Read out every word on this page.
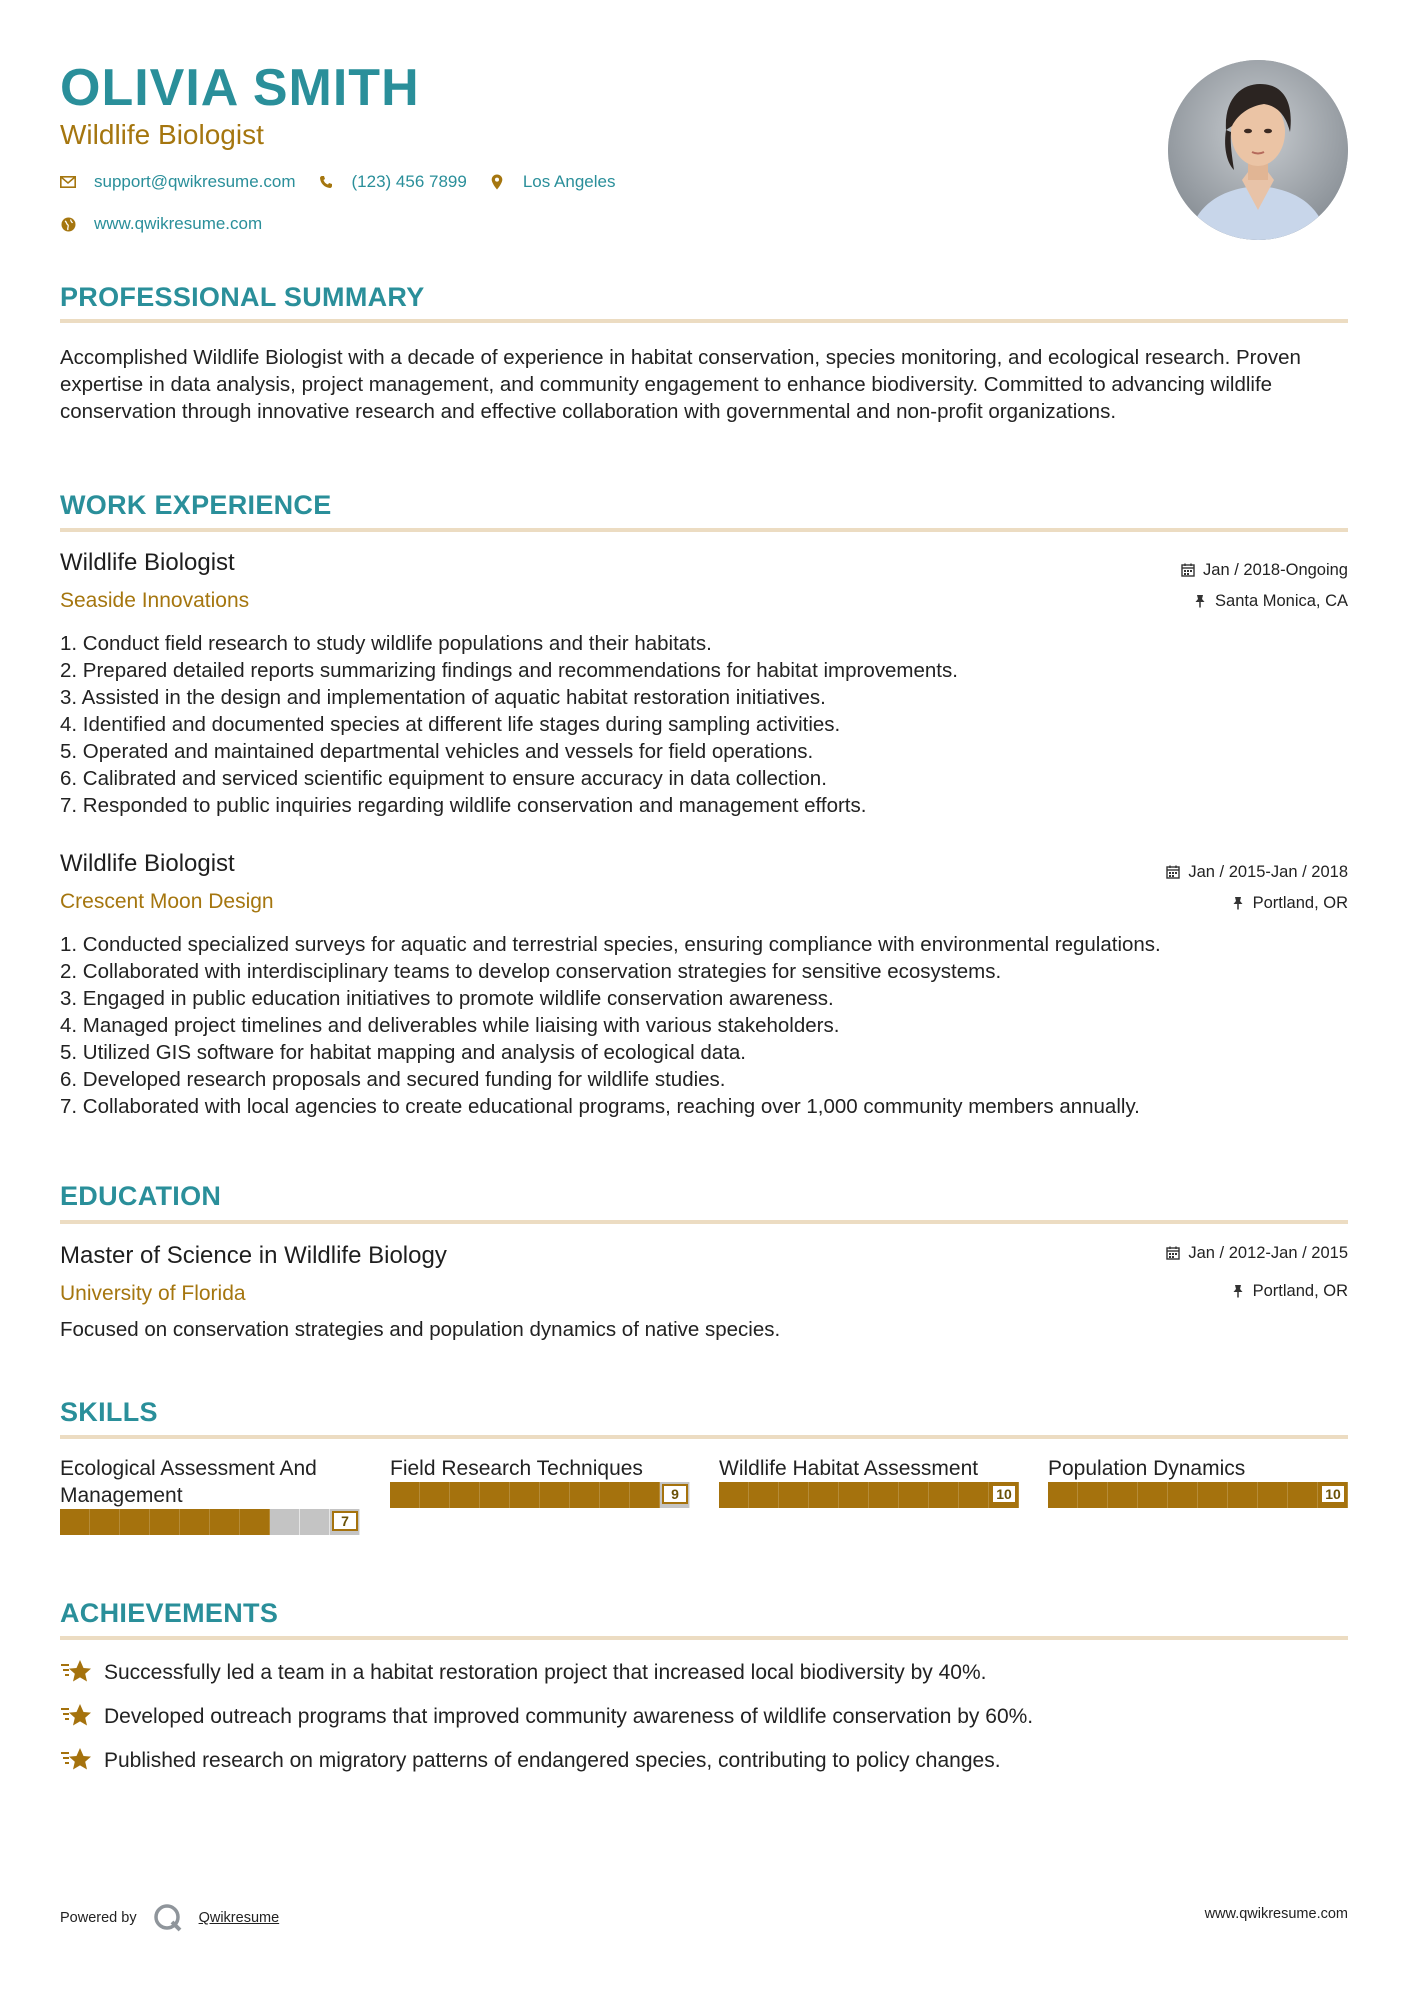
OLIVIA SMITH
Wildlife Biologist
support@qwikresume.com	(123) 456 7899	Los Angeles
www.qwikresume.com
PROFESSIONAL SUMMARY
Accomplished Wildlife Biologist with a decade of experience in habitat conservation, species monitoring, and ecological research. Proven expertise in data analysis, project management, and community engagement to enhance biodiversity. Committed to advancing wildlife conservation through innovative research and effective collaboration with governmental and non-profit organizations.
WORK EXPERIENCE
Wildlife Biologist
Seaside Innovations
Jan / 2018-Ongoing
Santa Monica, CA
1. Conduct field research to study wildlife populations and their habitats.
2. Prepared detailed reports summarizing findings and recommendations for habitat improvements.
3. Assisted in the design and implementation of aquatic habitat restoration initiatives.
4. Identified and documented species at different life stages during sampling activities.
5. Operated and maintained departmental vehicles and vessels for field operations.
6. Calibrated and serviced scientific equipment to ensure accuracy in data collection.
7. Responded to public inquiries regarding wildlife conservation and management efforts.
Wildlife Biologist
Crescent Moon Design
Jan / 2015-Jan / 2018
Portland, OR
1. Conducted specialized surveys for aquatic and terrestrial species, ensuring compliance with environmental regulations.
2. Collaborated with interdisciplinary teams to develop conservation strategies for sensitive ecosystems.
3. Engaged in public education initiatives to promote wildlife conservation awareness.
4. Managed project timelines and deliverables while liaising with various stakeholders.
5. Utilized GIS software for habitat mapping and analysis of ecological data.
6. Developed research proposals and secured funding for wildlife studies.
7. Collaborated with local agencies to create educational programs, reaching over 1,000 community members annually.
EDUCATION
Master of Science in Wildlife Biology
University of Florida
Jan / 2012-Jan / 2015
Portland, OR
Focused on conservation strategies and population dynamics of native species.
SKILLS
Ecological Assessment And Management
7
Field Research Techniques
9
Wildlife Habitat Assessment
10
Population Dynamics
10
ACHIEVEMENTS
Successfully led a team in a habitat restoration project that increased local biodiversity by 40%.
Developed outreach programs that improved community awareness of wildlife conservation by 60%.
Published research on migratory patterns of endangered species, contributing to policy changes.
Powered by	Qwikresume	www.qwikresume.com
